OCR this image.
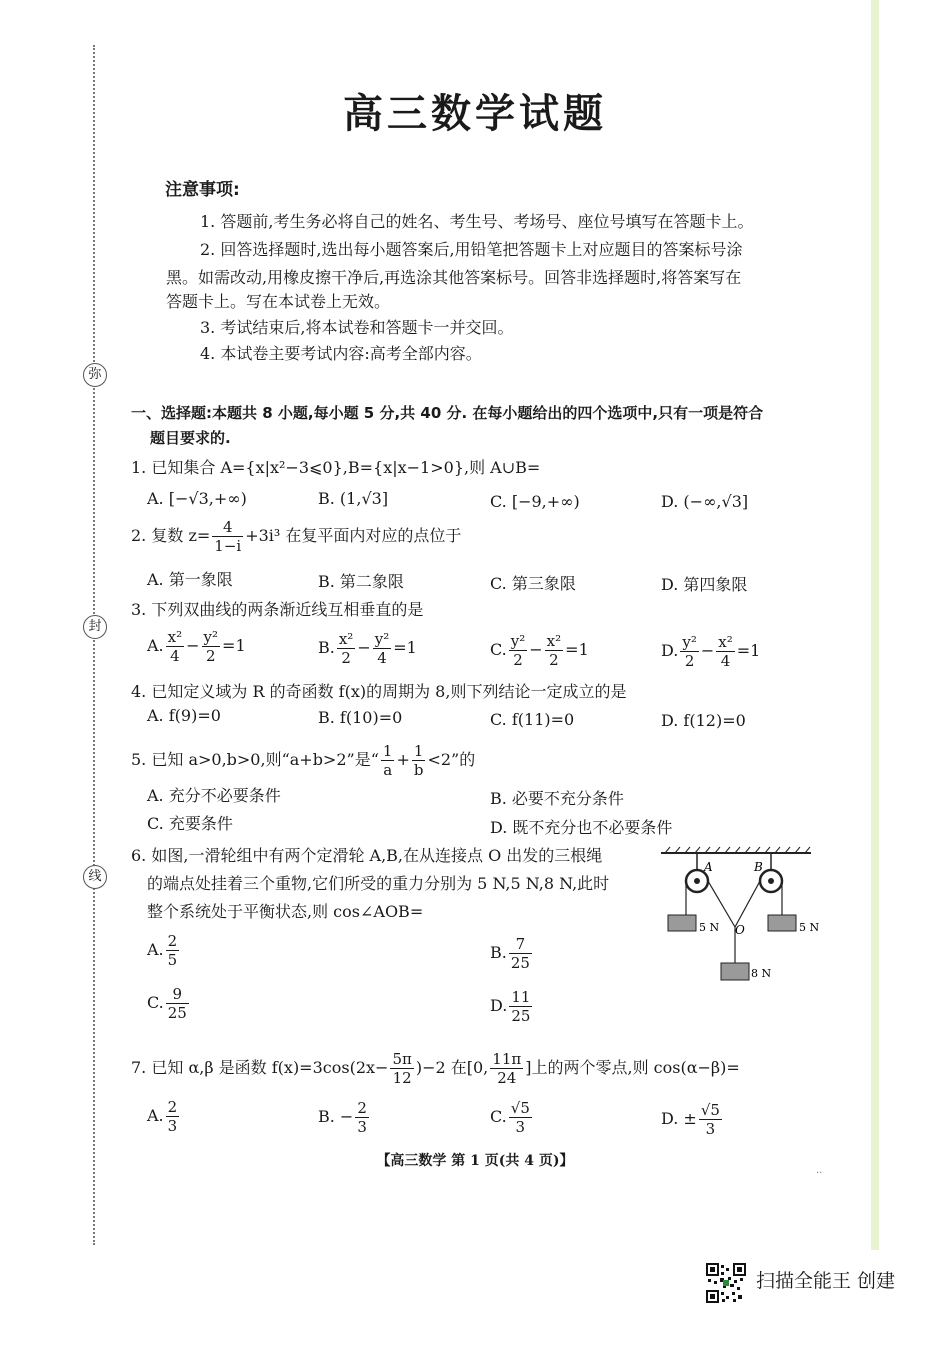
弥
封
线
高三数学试题
注意事项:
1. 答题前,考生务必将自己的姓名、考生号、考场号、座位号填写在答题卡上。
2. 回答选择题时,选出每小题答案后,用铅笔把答题卡上对应题目的答案标号涂
黑。如需改动,用橡皮擦干净后,再选涂其他答案标号。回答非选择题时,将答案写在
答题卡上。写在本试卷上无效。
3. 考试结束后,将本试卷和答题卡一并交回。
4. 本试卷主要考试内容:高考全部内容。
一、选择题:本题共 8 小题,每小题 5 分,共 40 分. 在每小题给出的四个选项中,只有一项是符合
题目要求的.
1. 已知集合 A={x|x²−3⩽0},B={x|x−1>0},则 A∪B=
A. [−√3,+∞)	B. (1,√3]	C. [−9,+∞)	D. (−∞,√3]
2. 复数 $z= \frac{4}{1-i} +3i^3$ 在复平面内对应的点位于
A. 第一象限	B. 第二象限	C. 第三象限	D. 第四象限
3. 下列双曲线的两条渐近线互相垂直的是
A. $\frac{\text{x²}}{4} - \frac{\text{y²}}{2} =1$	B. $\frac{\text{x²}}{2} - \frac{\text{y²}}{4} =1$	C. $\frac{\text{y²}}{2} - \frac{\text{x²}}{2} =1$	D. $\frac{\text{y²}}{2} - \frac{\text{x²}}{4} =1$
4. 已知定义域为 R 的奇函数 f(x)的周期为 8,则下列结论一定成立的是
A. f(9)=0	B. f(10)=0	C. f(11)=0	D. f(12)=0
5. 已知 a>0,b>0,则“a+b>2”是“ $\frac{1}{a} + \frac{1}{b} <2$”的
A. 充分不必要条件	B. 必要不充分条件
C. 充要条件	D. 既不充分也不必要条件
6. 如图,一滑轮组中有两个定滑轮 A,B,在从连接点 O 出发的三根绳
的端点处挂着三个重物,它们所受的重力分别为 5 N,5 N,8 N,此时
整个系统处于平衡状态,则 cos∠AOB=
A. $\frac{2}{5}$	B. $\frac{7}{25}$
C. $\frac{9}{25}$	D. $\frac{11}{25}$
A	B
O
5 N	5 N
8 N
7. 已知 α,β 是函数 $f(x)=3\cos(2x- \frac{5\pi}{12} )-2$ 在[0, $\frac{11\pi}{24}$ ]上的两个零点,则 cos(α−β)=
A. $\frac{2}{3}$	B. − $\frac{2}{3}$	C. $\frac{√5}{3}$	D. ± $\frac{√5}{3}$
【高三数学 第 1 页(共 4 页)】
··
扫描全能王 创建
